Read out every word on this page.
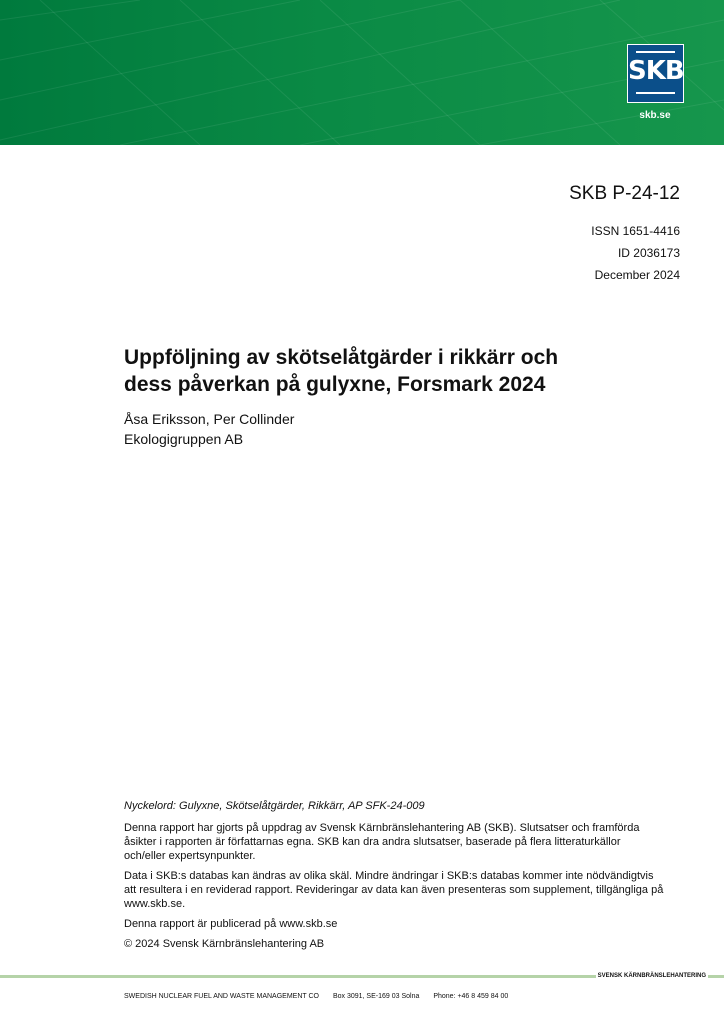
SKB
skb.se
SKB P-24-12
ISSN 1651-4416
ID 2036173
December 2024
Uppföljning av skötselåtgärder i rikkärr och
dess påverkan på gulyxne, Forsmark 2024
Åsa Eriksson, Per Collinder
Ekologigruppen AB

Nyckelord: Gulyxne, Skötselåtgärder, Rikkärr, AP SFK-24-009

Denna rapport har gjorts på uppdrag av Svensk Kärnbränslehantering AB (SKB). Slutsatser och framförda åsikter i rapporten är författarnas egna. SKB kan dra andra slutsatser, baserade på flera litteraturkällor och/eller expertsynpunkter.

Data i SKB:s databas kan ändras av olika skäl. Mindre ändringar i SKB:s databas kommer inte nödvändigtvis att resultera i en reviderad rapport. Revideringar av data kan även presenteras som supplement, tillgängliga på www.skb.se.

Denna rapport är publicerad på www.skb.se

© 2024 Svensk Kärnbränslehantering AB

SVENSK KÄRNBRÄNSLEHANTERING
SWEDISH NUCLEAR FUEL AND WASTE MANAGEMENT CO Box 3091, SE-169 03 Solna Phone: +46 8 459 84 00
